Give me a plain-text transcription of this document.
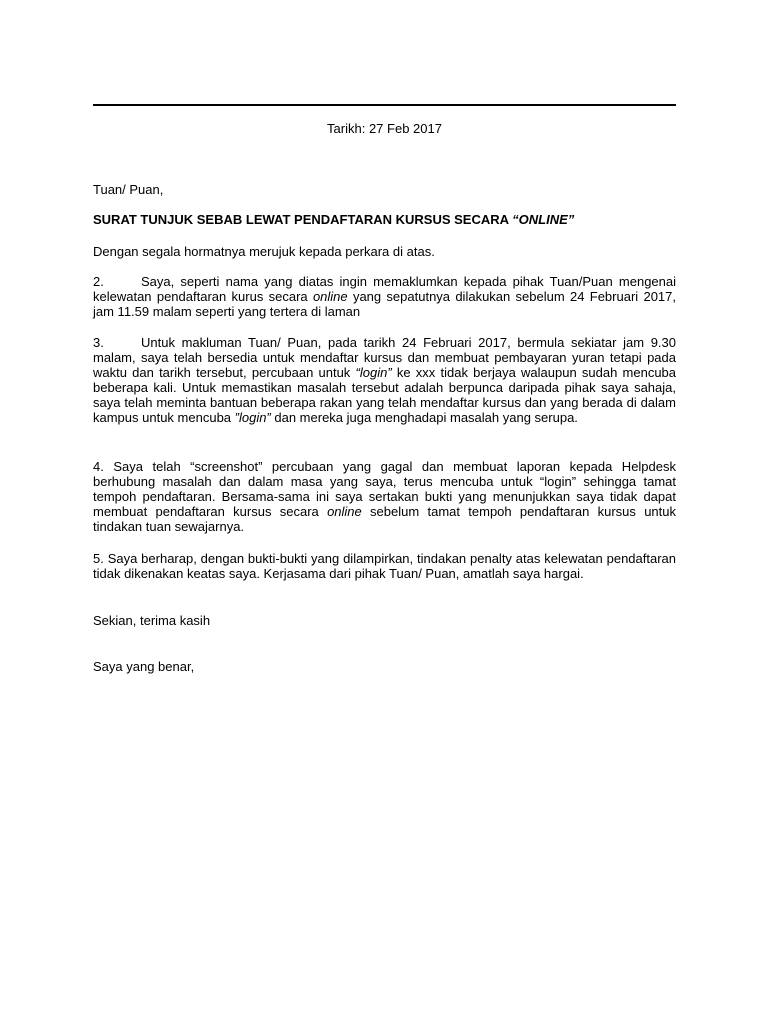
Tarikh: 27 Feb 2017
Tuan/ Puan,
SURAT TUNJUK SEBAB LEWAT PENDAFTARAN KURSUS SECARA “ONLINE”
Dengan segala hormatnya merujuk kepada perkara di atas.
2.	Saya, seperti nama yang diatas ingin memaklumkan kepada pihak Tuan/Puan mengenai kelewatan pendaftaran kurus secara online yang sepatutnya dilakukan sebelum 24 Februari 2017, jam 11.59 malam seperti yang tertera di laman
3.	Untuk makluman Tuan/ Puan, pada tarikh 24 Februari 2017, bermula sekiatar jam 9.30 malam, saya telah bersedia untuk mendaftar kursus dan membuat pembayaran yuran tetapi pada waktu dan tarikh tersebut, percubaan untuk “login” ke xxx tidak berjaya walaupun sudah mencuba beberapa kali. Untuk memastikan masalah tersebut adalah berpunca daripada pihak saya sahaja, saya telah meminta bantuan beberapa rakan yang telah mendaftar kursus dan yang berada di dalam kampus untuk mencuba ”login” dan mereka juga menghadapi masalah yang serupa.
4. Saya telah “screenshot” percubaan yang gagal dan membuat laporan kepada Helpdesk berhubung masalah dan dalam masa yang saya, terus mencuba untuk “login” sehingga tamat tempoh pendaftaran. Bersama-sama ini saya sertakan bukti yang menunjukkan saya tidak dapat membuat pendaftaran kursus secara online sebelum tamat tempoh pendaftaran kursus untuk tindakan tuan sewajarnya.
5. Saya berharap, dengan bukti-bukti yang dilampirkan, tindakan penalty atas kelewatan pendaftaran tidak dikenakan keatas saya. Kerjasama dari pihak Tuan/ Puan, amatlah saya hargai.
Sekian, terima kasih
Saya yang benar,
